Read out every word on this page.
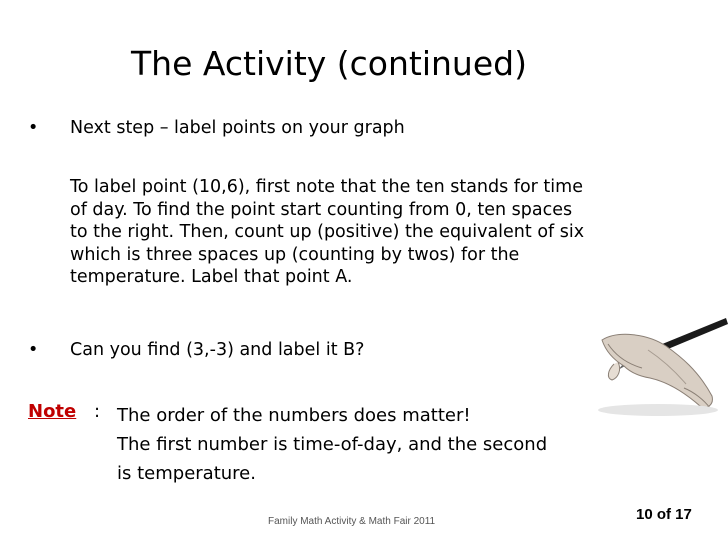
The Activity (continued)
• Next step – label points on your graph
To label point (10,6), first note that the ten stands for time
of day. To find the point start counting from 0, ten spaces
to the right. Then, count up (positive) the equivalent of six
which is three spaces up (counting by twos) for the
temperature. Label that point A.
• Can you find (3,-3) and label it B?
Note : The order of the numbers does matter!
The first number is time-of-day, and the second
is temperature.
Family Math Activity & Math Fair 2011	10 of 17
